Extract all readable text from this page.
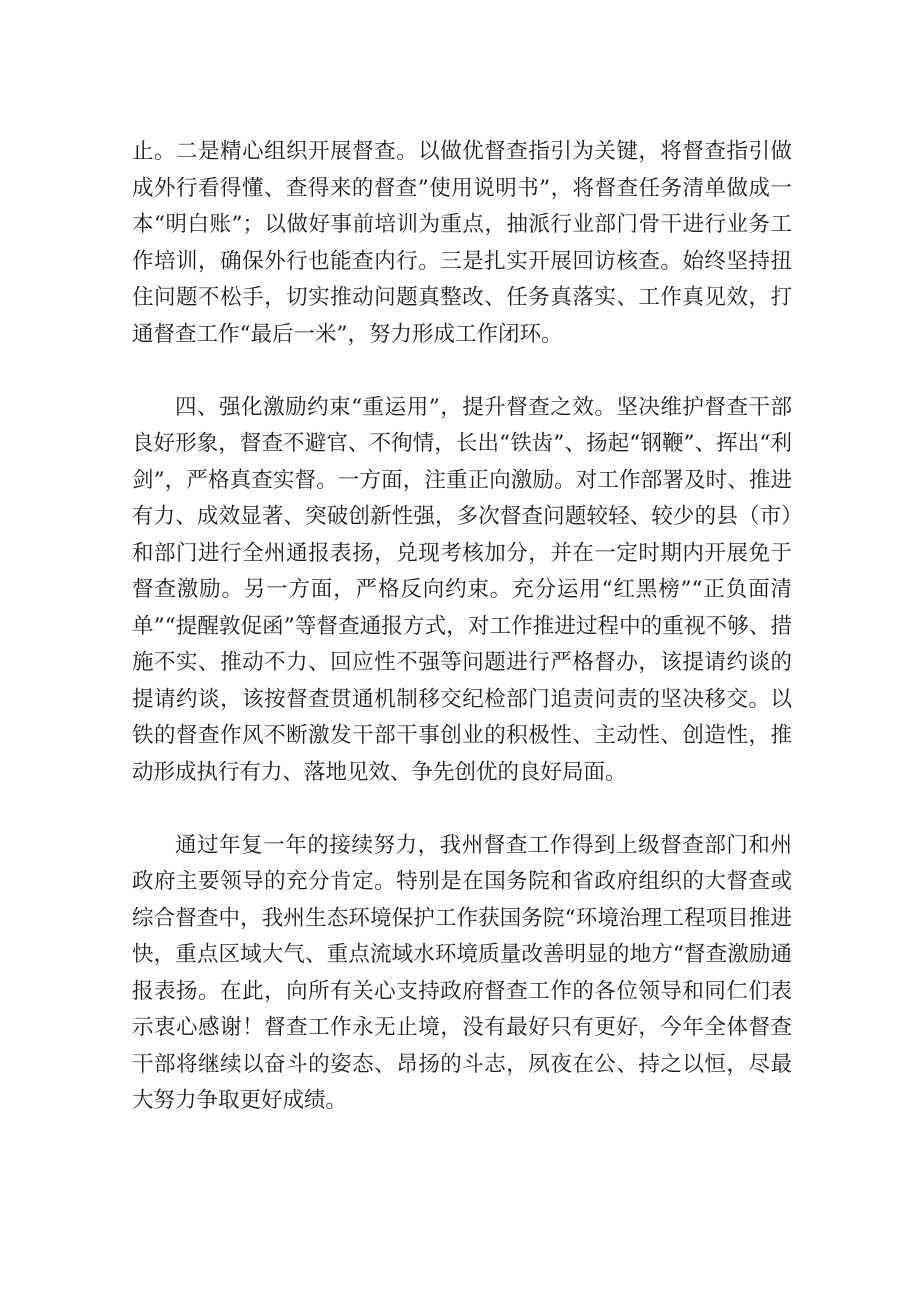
止。二是精心组织开展督查。以做优督查指引为关键，将督查指引做成外行看得懂、查得来的督查”使用说明书”，将督查任务清单做成一本“明白账”；以做好事前培训为重点，抽派行业部门骨干进行业务工作培训，确保外行也能查内行。三是扎实开展回访核查。始终坚持扭住问题不松手，切实推动问题真整改、任务真落实、工作真见效，打通督查工作“最后一米”，努力形成工作闭环。

四、强化激励约束“重运用”，提升督查之效。坚决维护督查干部良好形象，督查不避官、不徇情，长出“铁齿”、扬起“钢鞭”、挥出“利剑”，严格真查实督。一方面，注重正向激励。对工作部署及时、推进有力、成效显著、突破创新性强，多次督查问题较轻、较少的县（市）和部门进行全州通报表扬，兑现考核加分，并在一定时期内开展免于督查激励。另一方面，严格反向约束。充分运用“红黑榜”“正负面清单”“提醒敦促函”等督查通报方式，对工作推进过程中的重视不够、措施不实、推动不力、回应性不强等问题进行严格督办，该提请约谈的提请约谈，该按督查贯通机制移交纪检部门追责问责的坚决移交。以铁的督查作风不断激发干部干事创业的积极性、主动性、创造性，推动形成执行有力、落地见效、争先创优的良好局面。

通过年复一年的接续努力，我州督查工作得到上级督查部门和州政府主要领导的充分肯定。特别是在国务院和省政府组织的大督查或综合督查中，我州生态环境保护工作获国务院“环境治理工程项目推进快，重点区域大气、重点流域水环境质量改善明显的地方“督查激励通报表扬。在此，向所有关心支持政府督查工作的各位领导和同仁们表示衷心感谢！督查工作永无止境，没有最好只有更好，今年全体督查干部将继续以奋斗的姿态、昂扬的斗志，夙夜在公、持之以恒，尽最大努力争取更好成绩。
